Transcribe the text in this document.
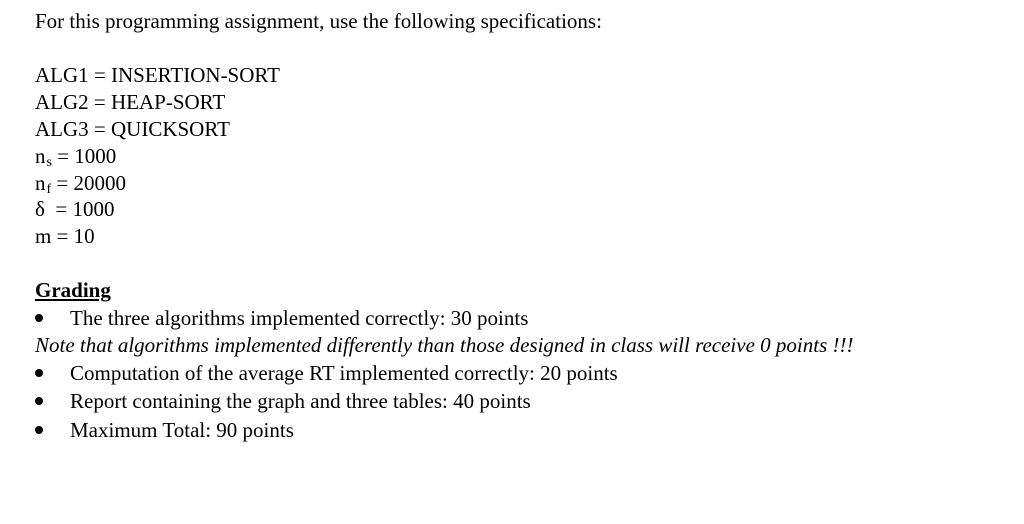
For this programming assignment, use the following specifications:
ALG1 = INSERTION-SORT
ALG2 = HEAP-SORT
ALG3 = QUICKSORT
ns = 1000
nf = 20000
δ  = 1000
m = 10
Grading
The three algorithms implemented correctly: 30 points
Note that algorithms implemented differently than those designed in class will receive 0 points !!!
Computation of the average RT implemented correctly: 20 points
Report containing the graph and three tables: 40 points
Maximum Total: 90 points
